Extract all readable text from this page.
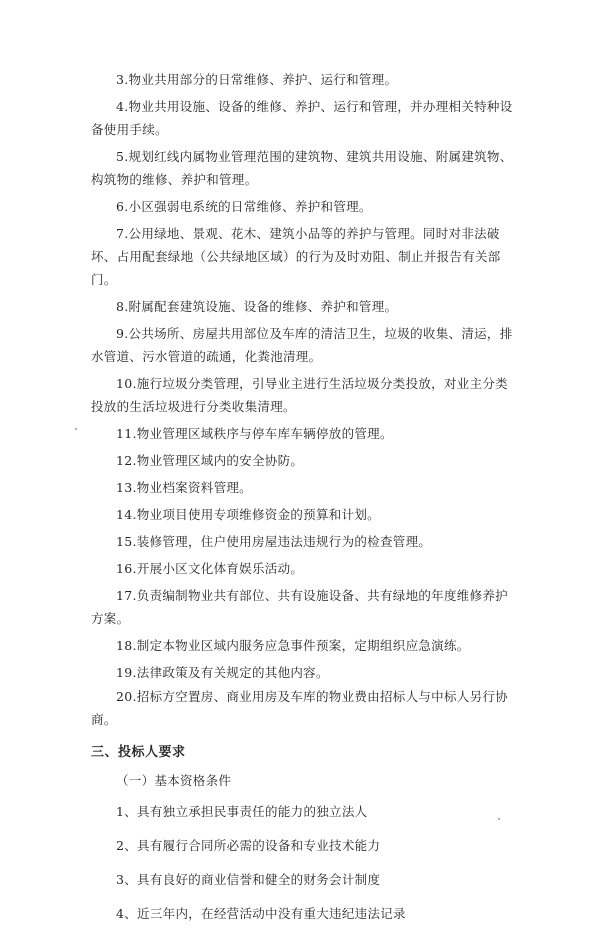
3.物业共用部分的日常维修、养护、运行和管理。

4.物业共用设施、设备的维修、养护、运行和管理，并办理相关特种设备使用手续。

5.规划红线内属物业管理范围的建筑物、建筑共用设施、附属建筑物、构筑物的维修、养护和管理。

6.小区强弱电系统的日常维修、养护和管理。

7.公用绿地、景观、花木、建筑小品等的养护与管理。同时对非法破坏、占用配套绿地（公共绿地区域）的行为及时劝阻、制止并报告有关部门。

8.附属配套建筑设施、设备的维修、养护和管理。

9.公共场所、房屋共用部位及车库的清洁卫生，垃圾的收集、清运，排水管道、污水管道的疏通，化粪池清理。

10.施行垃圾分类管理，引导业主进行生活垃圾分类投放，对业主分类投放的生活垃圾进行分类收集清理。

11.物业管理区域秩序与停车库车辆停放的管理。

12.物业管理区域内的安全协防。

13.物业档案资料管理。

14.物业项目使用专项维修资金的预算和计划。

15.装修管理，住户使用房屋违法违规行为的检查管理。

16.开展小区文化体育娱乐活动。

17.负责编制物业共有部位、共有设施设备、共有绿地的年度维修养护方案。

18.制定本物业区域内服务应急事件预案，定期组织应急演练。

19.法律政策及有关规定的其他内容。

20.招标方空置房、商业用房及车库的物业费由招标人与中标人另行协商。

三、投标人要求

（一）基本资格条件

1、具有独立承担民事责任的能力的独立法人

2、具有履行合同所必需的设备和专业技术能力

3、具有良好的商业信誉和健全的财务会计制度

4、近三年内，在经营活动中没有重大违纪违法记录
